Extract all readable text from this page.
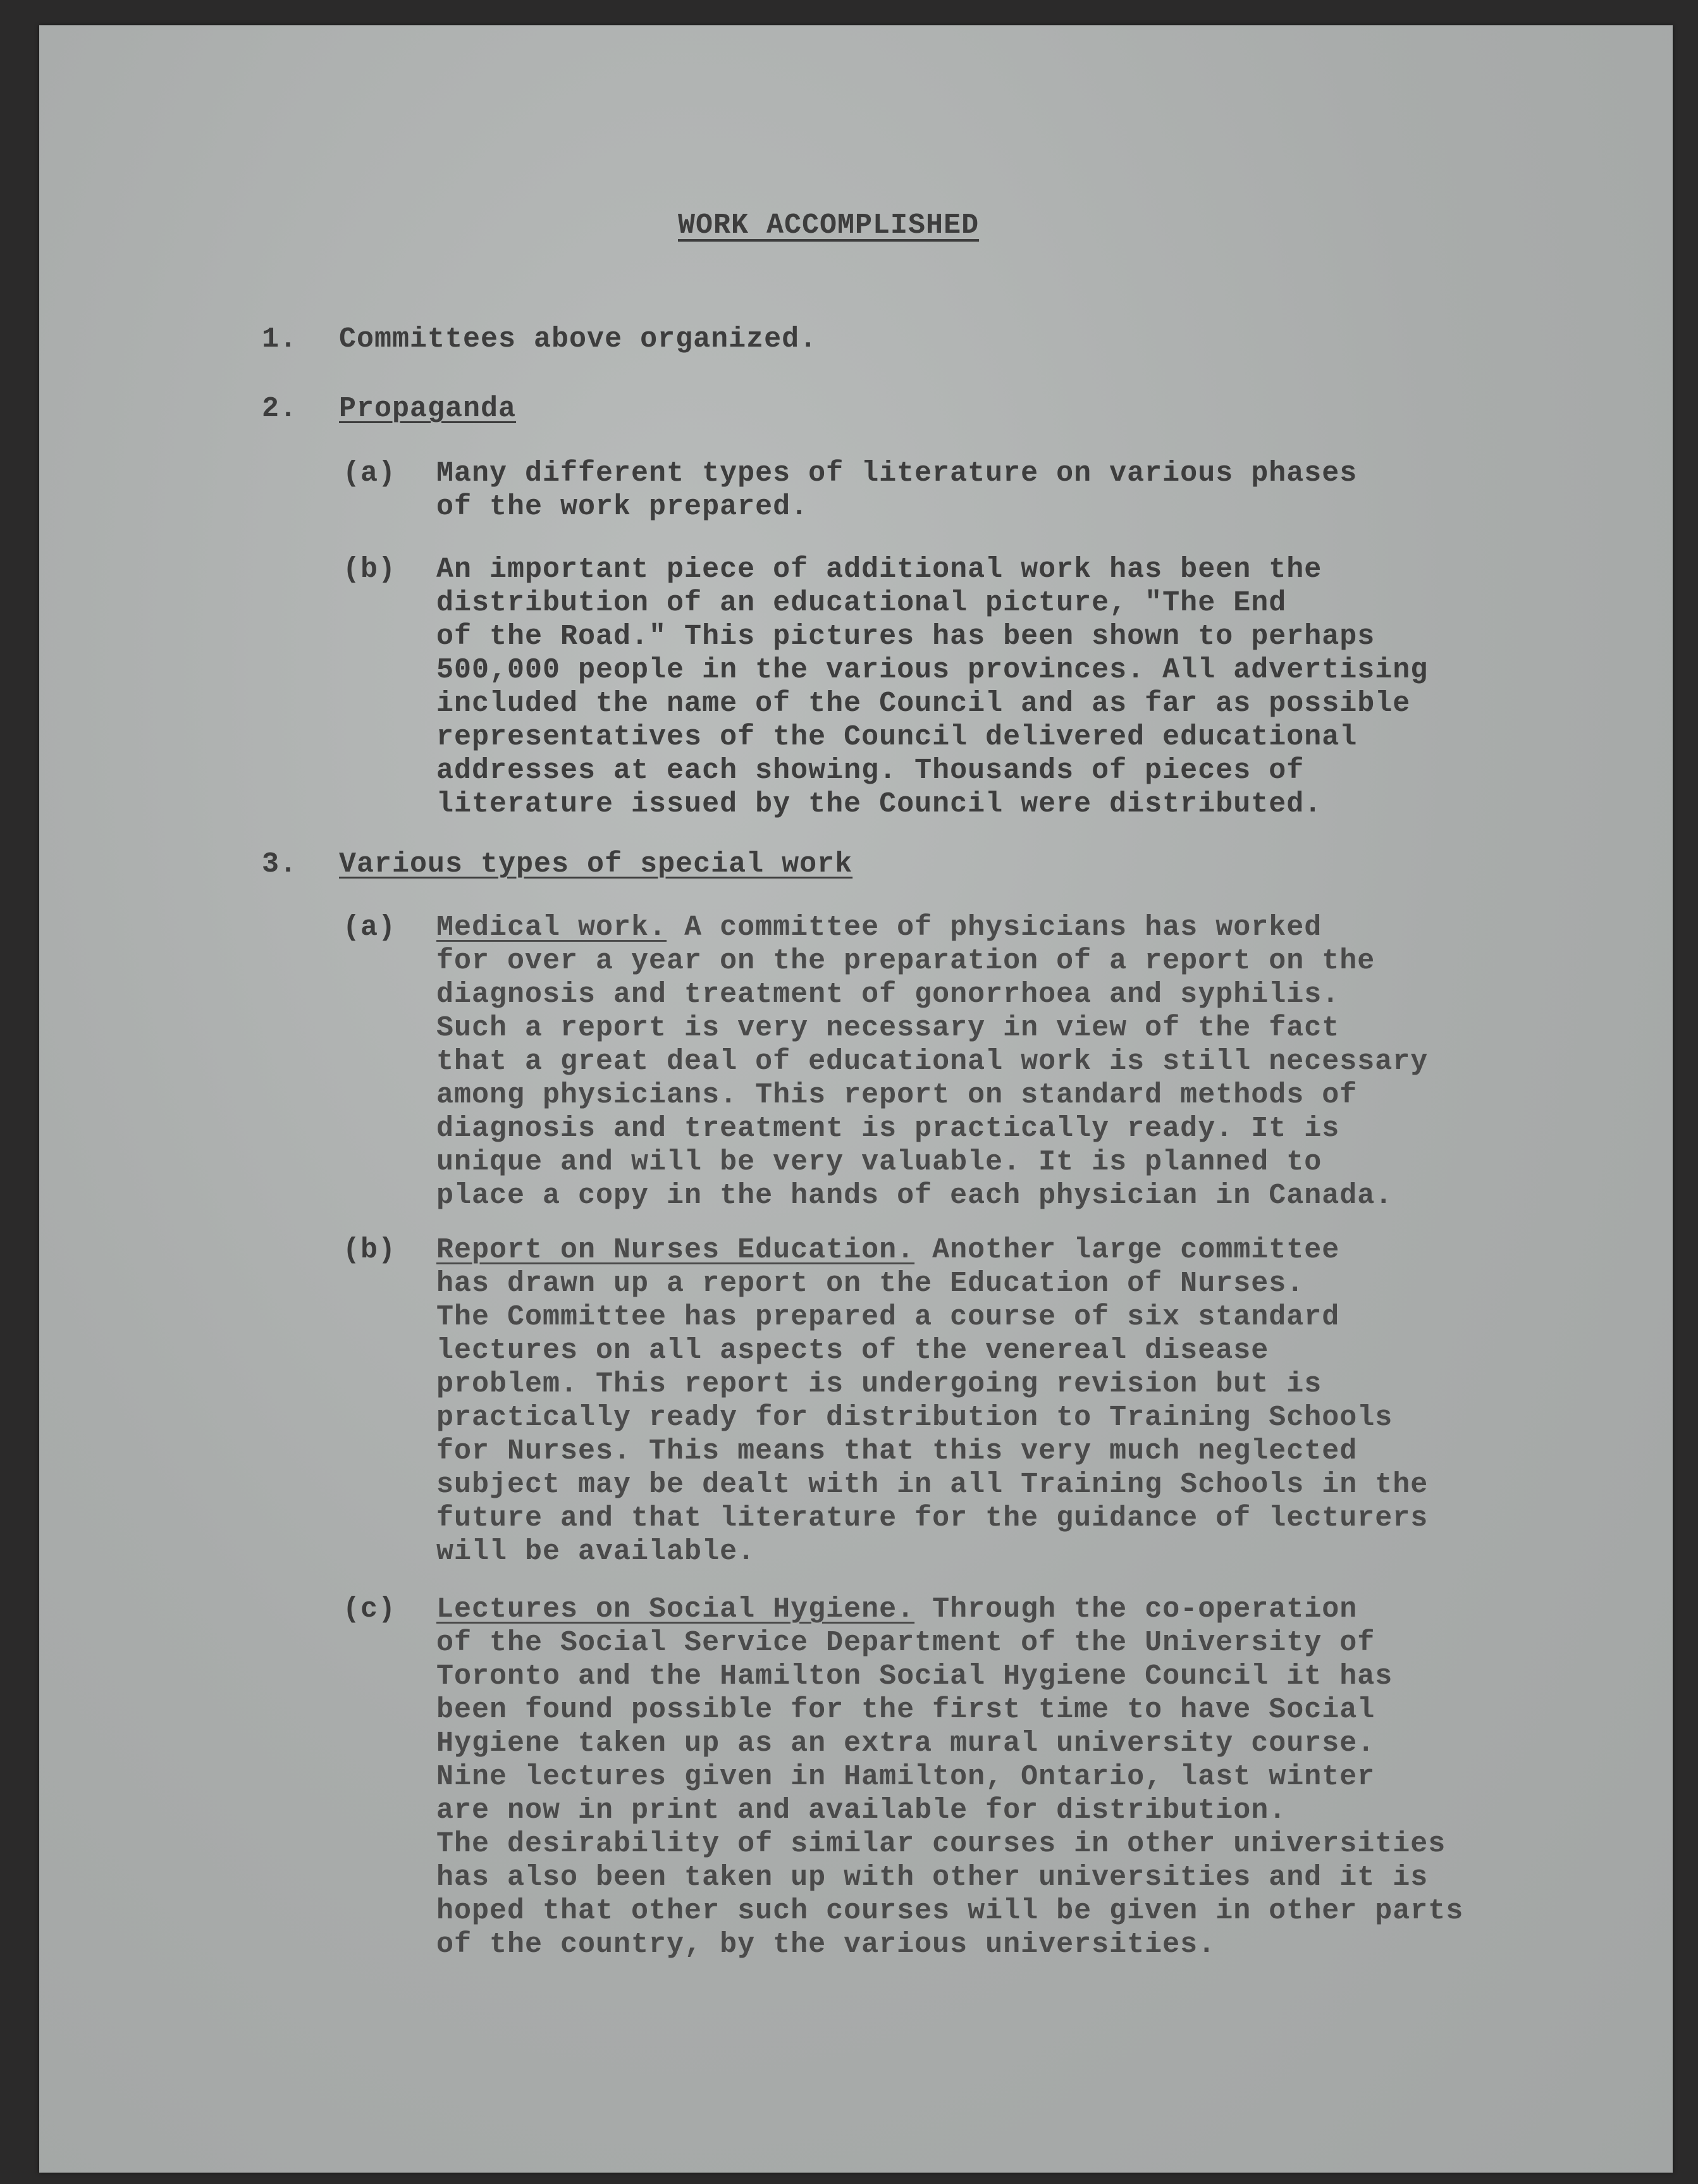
WORK ACCOMPLISHED
1. Committees above organized.
2. Propaganda
(a) Many different types of literature on various phases
of the work prepared.
(b) An important piece of additional work has been the
distribution of an educational picture, "The End
of the Road." This pictures has been shown to perhaps
500,000 people in the various provinces. All advertising
included the name of the Council and as far as possible
representatives of the Council delivered educational
addresses at each showing. Thousands of pieces of
literature issued by the Council were distributed.
3. Various types of special work
(a) Medical work. A committee of physicians has worked
for over a year on the preparation of a report on the
diagnosis and treatment of gonorrhoea and syphilis.
Such a report is very necessary in view of the fact
that a great deal of educational work is still necessary
among physicians. This report on standard methods of
diagnosis and treatment is practically ready. It is
unique and will be very valuable. It is planned to
place a copy in the hands of each physician in Canada.
(b) Report on Nurses Education. Another large committee
has drawn up a report on the Education of Nurses.
The Committee has prepared a course of six standard
lectures on all aspects of the venereal disease
problem. This report is undergoing revision but is
practically ready for distribution to Training Schools
for Nurses. This means that this very much neglected
subject may be dealt with in all Training Schools in the
future and that literature for the guidance of lecturers
will be available.
(c) Lectures on Social Hygiene. Through the co-operation
of the Social Service Department of the University of
Toronto and the Hamilton Social Hygiene Council it has
been found possible for the first time to have Social
Hygiene taken up as an extra mural university course.
Nine lectures given in Hamilton, Ontario, last winter
are now in print and available for distribution.
The desirability of similar courses in other universities
has also been taken up with other universities and it is
hoped that other such courses will be given in other parts
of the country, by the various universities.
